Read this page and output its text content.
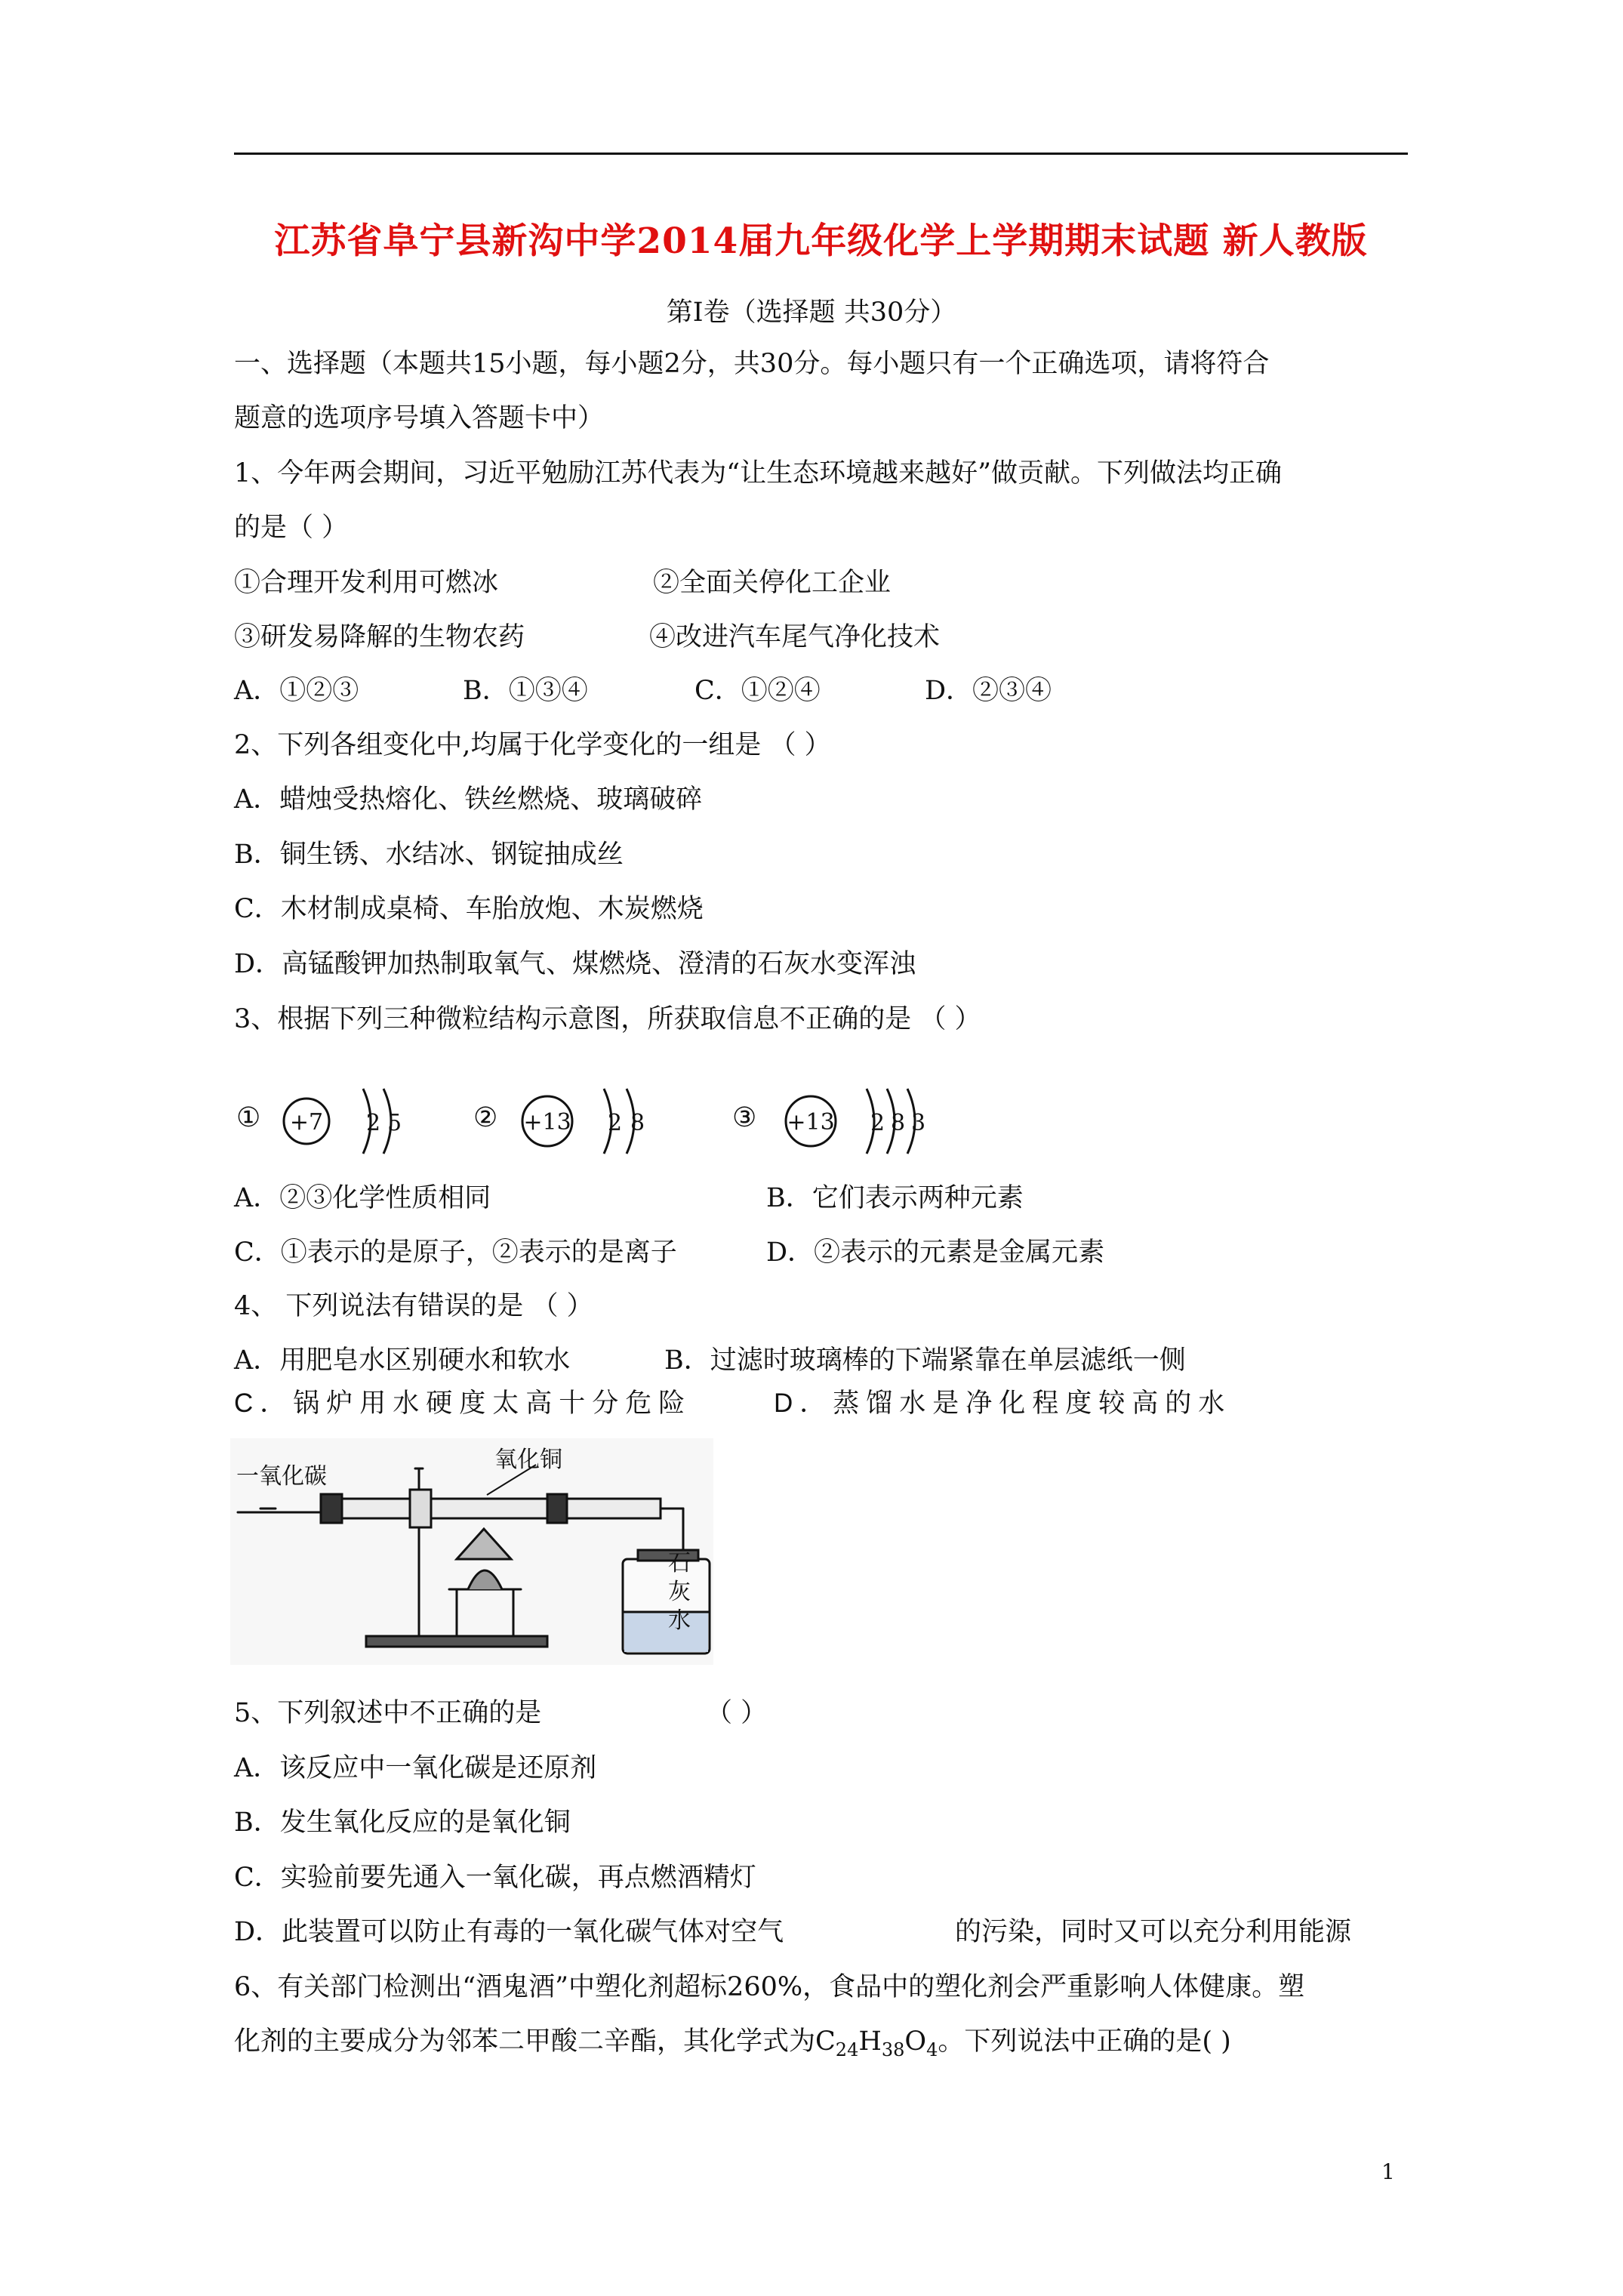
江苏省阜宁县新沟中学2014届九年级化学上学期期末试题 新人教版
第Ⅰ卷（选择题 共30分）
一、选择题（本题共15小题，每小题2分，共30分。每小题只有一个正确选项，请将符合
题意的选项序号填入答题卡中）
1、今年两会期间，习近平勉励江苏代表为“让生态环境越来越好”做贡献。下列做法均正确
的是（ ）
①合理开发利用可燃冰	②全面关停化工企业
③研发易降解的生物农药	④改进汽车尾气净化技术
A．①②③	B．①③④	C．①②④	D．②③④
2、下列各组变化中,均属于化学变化的一组是 （ ）
A．蜡烛受热熔化、铁丝燃烧、玻璃破碎
B．铜生锈、水结冰、钢锭抽成丝
C．木材制成桌椅、车胎放炮、木炭燃烧
D．高锰酸钾加热制取氧气、煤燃烧、澄清的石灰水变浑浊
3、根据下列三种微粒结构示意图，所获取信息不正确的是 （ ）
① +7 2 5	② +13 2 8	③ +13 2 8 3
A．②③化学性质相同	B．它们表示两种元素
C．①表示的是原子，②表示的是离子	D．②表示的元素是金属元素
4、 下列说法有错误的是 （ ）
A．用肥皂水区别硬水和软水	B．过滤时玻璃棒的下端紧靠在单层滤纸一侧
C．锅炉用水硬度太高十分危险	D．蒸馏水是净化程度较高的水
一氧化碳
氧化铜
石
灰
水
5、下列叙述中不正确的是	（ ）
A．该反应中一氧化碳是还原剂
B．发生氧化反应的是氧化铜
C．实验前要先通入一氧化碳，再点燃酒精灯
D．此装置可以防止有毒的一氧化碳气体对空气	的污染，同时又可以充分利用能源
6、有关部门检测出“酒鬼酒”中塑化剂超标260%，食品中的塑化剂会严重影响人体健康。塑
化剂的主要成分为邻苯二甲酸二辛酯，其化学式为$C_{24}H_{38}O_4$。下列说法中正确的是( )
1
